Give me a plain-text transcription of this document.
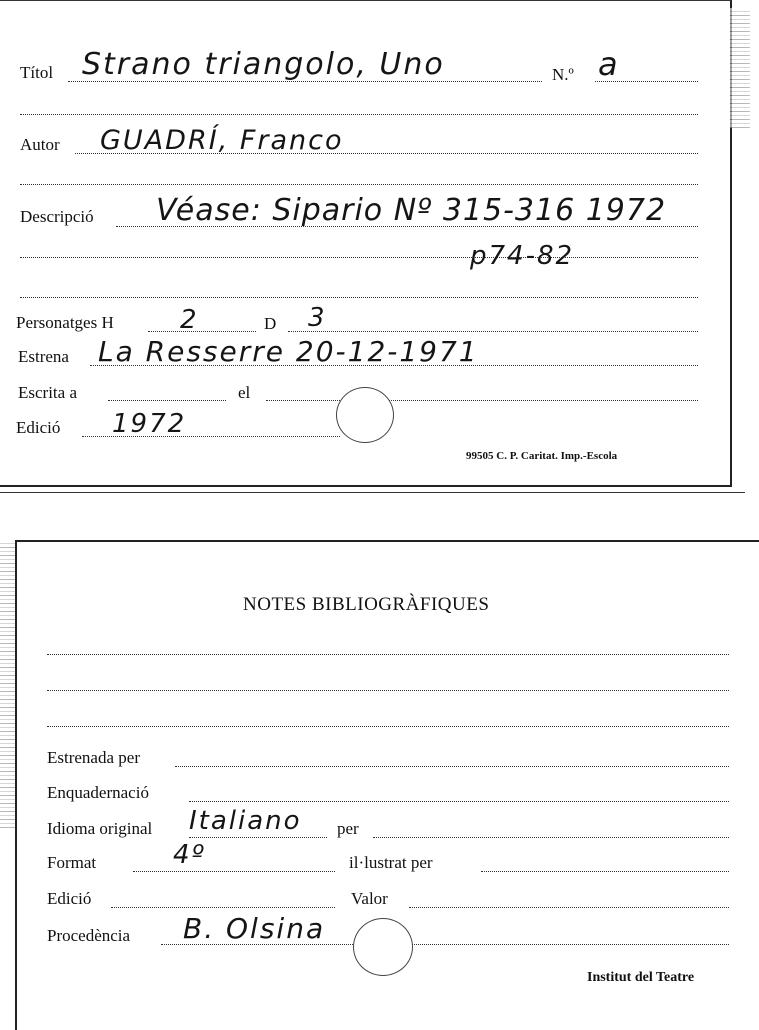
Títol Strano triangolo, Uno	N.º a
Autor GUADRÍ, Franco
Descripció Véase: Sipario Nº 315-316 1972
p74-82
Personatges H	2	D 3
Estrena La Resserre 20-12-1971
Escrita a	el
Edició 1972
99505 C. P. Caritat. Imp.-Escola
NOTES BIBLIOGRÀFIQUES
Estrenada per
Enquadernació
Idioma original Italiano per
Format	4º	il·lustrat per
Edició	Valor
Procedència B. Olsina
Institut del Teatre
